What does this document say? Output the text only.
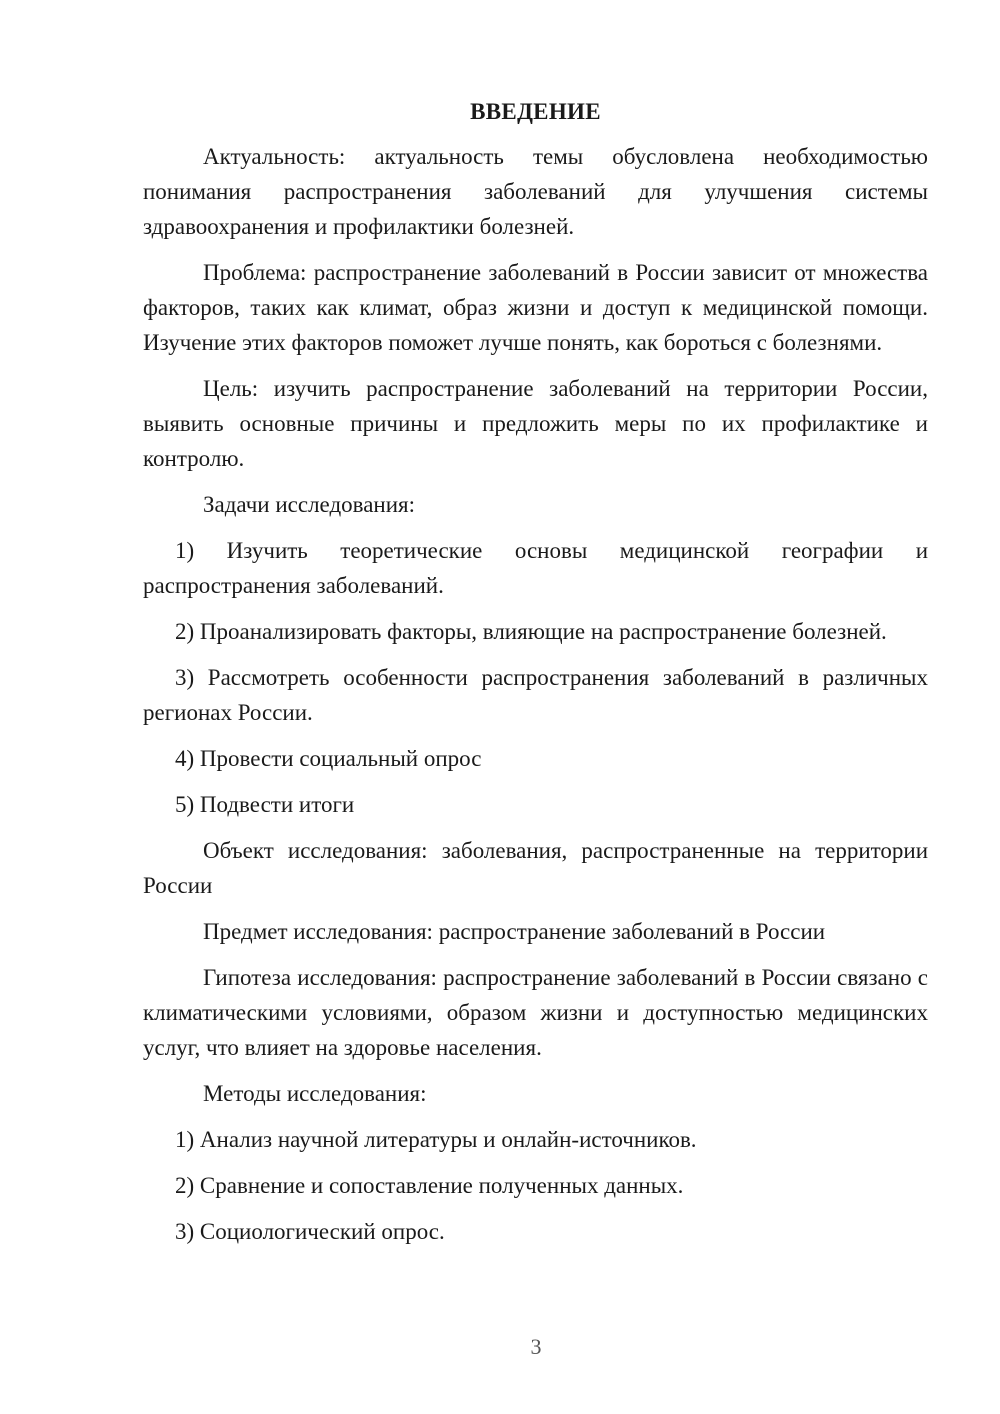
ВВЕДЕНИЕ

Актуальность: актуальность темы обусловлена необходимостью понимания распространения заболеваний для улучшения системы здравоохранения и профилактики болезней.

Проблема: распространение заболеваний в России зависит от множества факторов, таких как климат, образ жизни и доступ к медицинской помощи. Изучение этих факторов поможет лучше понять, как бороться с болезнями.

Цель: изучить распространение заболеваний на территории России, выявить основные причины и предложить меры по их профилактике и контролю.

Задачи исследования:

1) Изучить теоретические основы медицинской географии и распространения заболеваний.

2) Проанализировать факторы, влияющие на распространение болезней.

3) Рассмотреть особенности распространения заболеваний в различных регионах России.

4) Провести социальный опрос

5) Подвести итоги

Объект исследования: заболевания, распространенные на территории России

Предмет исследования: распространение заболеваний в России

Гипотеза исследования: распространение заболеваний в России связано с климатическими условиями, образом жизни и доступностью медицинских услуг, что влияет на здоровье населения.

Методы исследования:

1) Анализ научной литературы и онлайн-источников.

2) Сравнение и сопоставление полученных данных.

3) Социологический опрос.

3
